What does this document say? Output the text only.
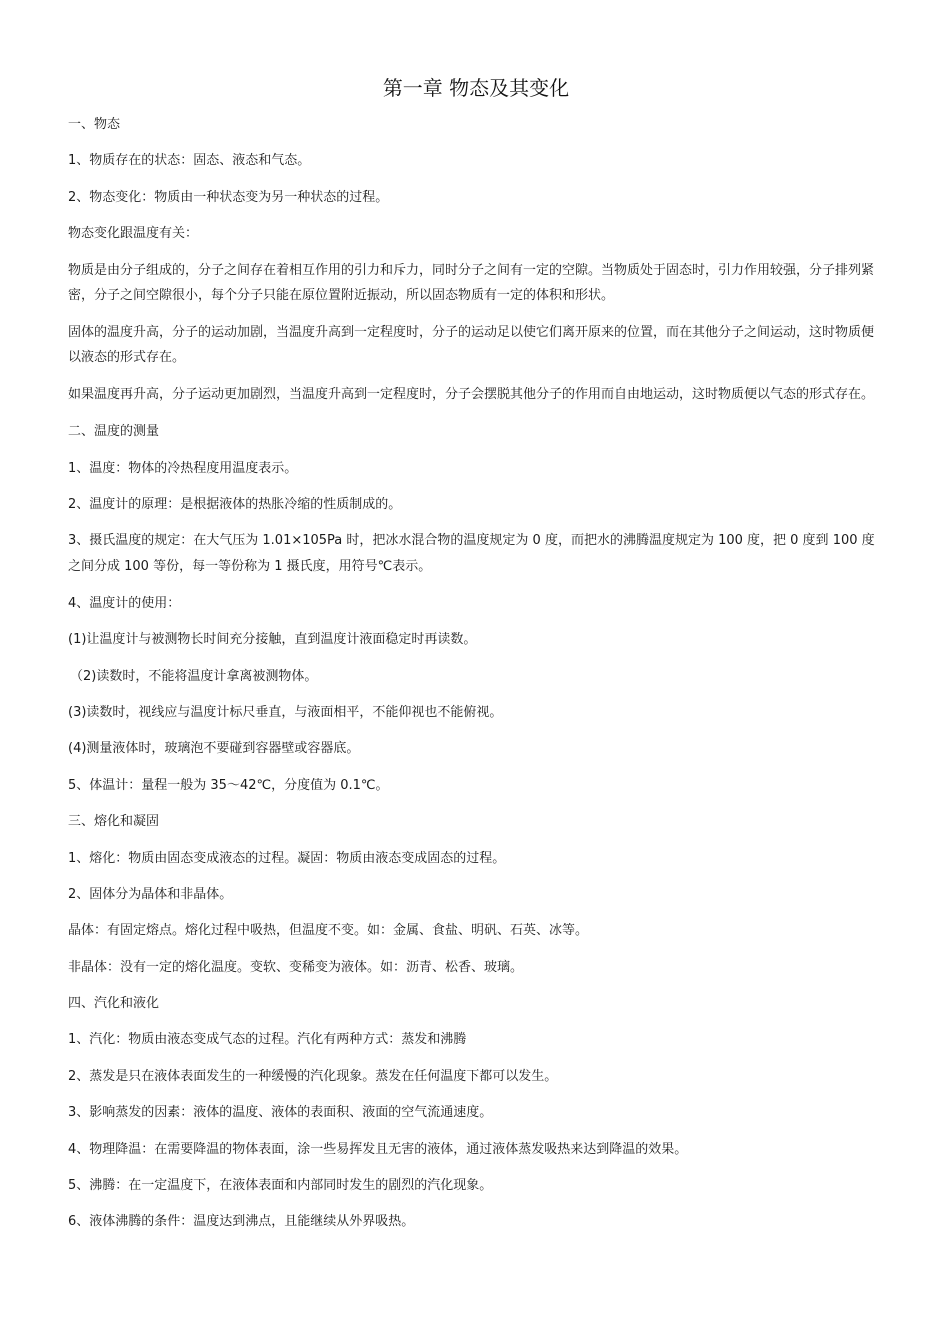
第一章 物态及其变化
一、物态
1、物质存在的状态：固态、液态和气态。
2、物态变化：物质由一种状态变为另一种状态的过程。
物态变化跟温度有关：
物质是由分子组成的，分子之间存在着相互作用的引力和斥力，同时分子之间有一定的空隙。当物质处于固态时，引力作用较强，分子排列紧密，分子之间空隙很小，每个分子只能在原位置附近振动，所以固态物质有一定的体积和形状。
固体的温度升高，分子的运动加剧，当温度升高到一定程度时，分子的运动足以使它们离开原来的位置，而在其他分子之间运动，这时物质便以液态的形式存在。
如果温度再升高，分子运动更加剧烈，当温度升高到一定程度时，分子会摆脱其他分子的作用而自由地运动，这时物质便以气态的形式存在。
二、温度的测量
1、温度：物体的冷热程度用温度表示。
2、温度计的原理：是根据液体的热胀冷缩的性质制成的。
3、摄氏温度的规定：在大气压为 1.01×105Pa 时，把冰水混合物的温度规定为 0 度，而把水的沸腾温度规定为 100 度，把 0 度到 100 度之间分成 100 等份，每一等份称为 1 摄氏度，用符号℃表示。
4、温度计的使用：
(1)让温度计与被测物长时间充分接触，直到温度计液面稳定时再读数。
（2)读数时，不能将温度计拿离被测物体。
(3)读数时，视线应与温度计标尺垂直，与液面相平，不能仰视也不能俯视。
(4)测量液体时，玻璃泡不要碰到容器壁或容器底。
5、体温计：量程一般为 35～42℃，分度值为 0.1℃。
三、熔化和凝固
1、熔化：物质由固态变成液态的过程。凝固：物质由液态变成固态的过程。
2、固体分为晶体和非晶体。
晶体：有固定熔点。熔化过程中吸热，但温度不变。如：金属、食盐、明矾、石英、冰等。
非晶体：没有一定的熔化温度。变软、变稀变为液体。如：沥青、松香、玻璃。
四、汽化和液化
1、汽化：物质由液态变成气态的过程。汽化有两种方式：蒸发和沸腾
2、蒸发是只在液体表面发生的一种缓慢的汽化现象。蒸发在任何温度下都可以发生。
3、影响蒸发的因素：液体的温度、液体的表面积、液面的空气流通速度。
4、物理降温：在需要降温的物体表面，涂一些易挥发且无害的液体，通过液体蒸发吸热来达到降温的效果。
5、沸腾：在一定温度下，在液体表面和内部同时发生的剧烈的汽化现象。
6、液体沸腾的条件：温度达到沸点，且能继续从外界吸热。
